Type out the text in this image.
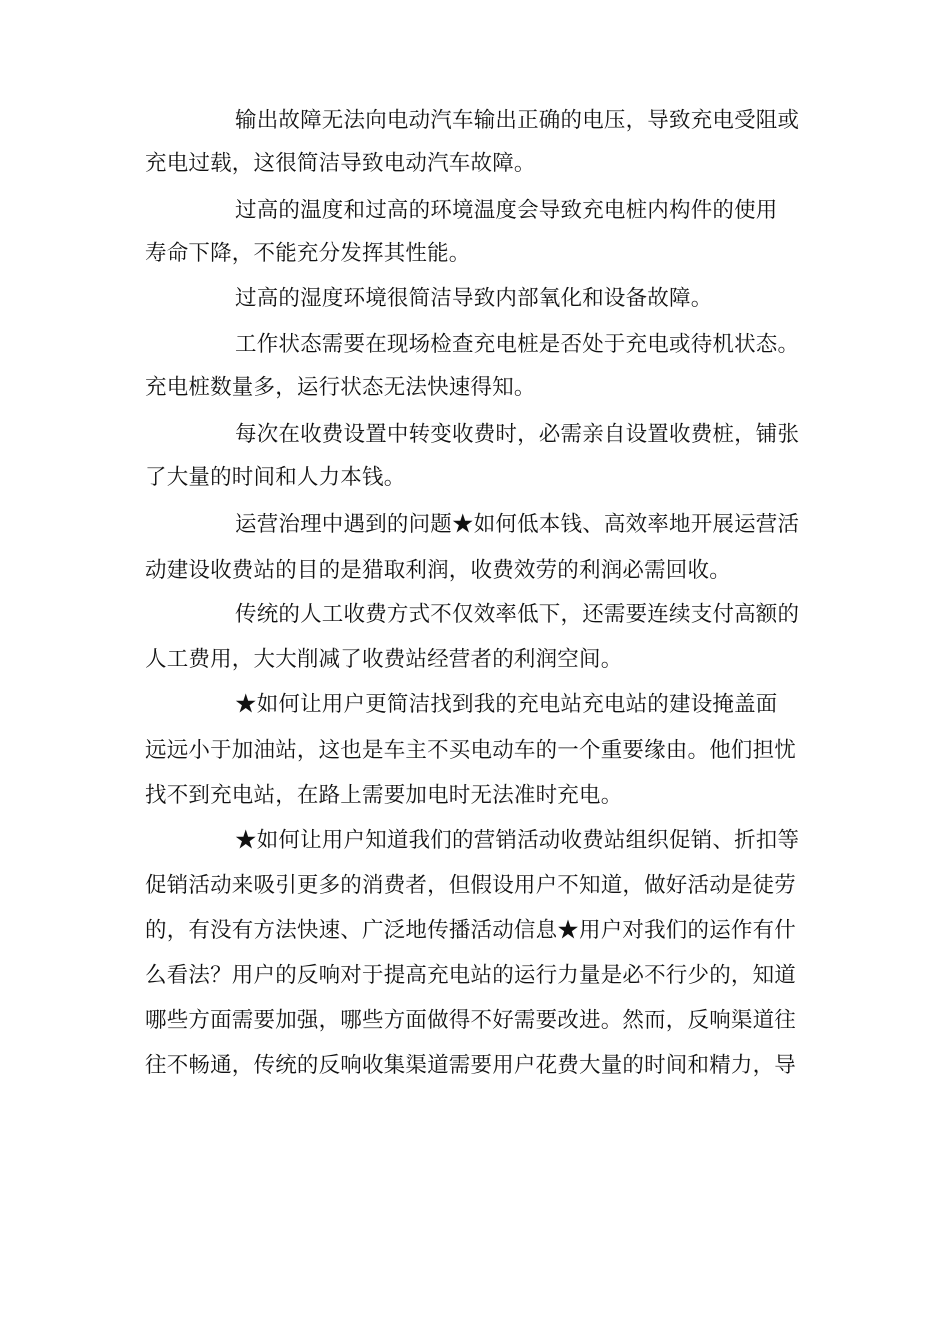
输出故障无法向电动汽车输出正确的电压，导致充电受阻或
充电过载，这很简洁导致电动汽车故障。
过高的温度和过高的环境温度会导致充电桩内构件的使用
寿命下降，不能充分发挥其性能。
过高的湿度环境很简洁导致内部氧化和设备故障。
工作状态需要在现场检查充电桩是否处于充电或待机状态。
充电桩数量多，运行状态无法快速得知。
每次在收费设置中转变收费时，必需亲自设置收费桩，铺张
了大量的时间和人力本钱。
运营治理中遇到的问题★如何低本钱、高效率地开展运营活
动建设收费站的目的是猎取利润，收费效劳的利润必需回收。
传统的人工收费方式不仅效率低下，还需要连续支付高额的
人工费用，大大削减了收费站经营者的利润空间。
★如何让用户更简洁找到我的充电站充电站的建设掩盖面
远远小于加油站，这也是车主不买电动车的一个重要缘由。他们担忧
找不到充电站，在路上需要加电时无法准时充电。
★如何让用户知道我们的营销活动收费站组织促销、折扣等
促销活动来吸引更多的消费者，但假设用户不知道，做好活动是徒劳
的，有没有方法快速、广泛地传播活动信息★用户对我们的运作有什
么看法？用户的反响对于提高充电站的运行力量是必不行少的，知道
哪些方面需要加强，哪些方面做得不好需要改进。然而，反响渠道往
往不畅通，传统的反响收集渠道需要用户花费大量的时间和精力，导
